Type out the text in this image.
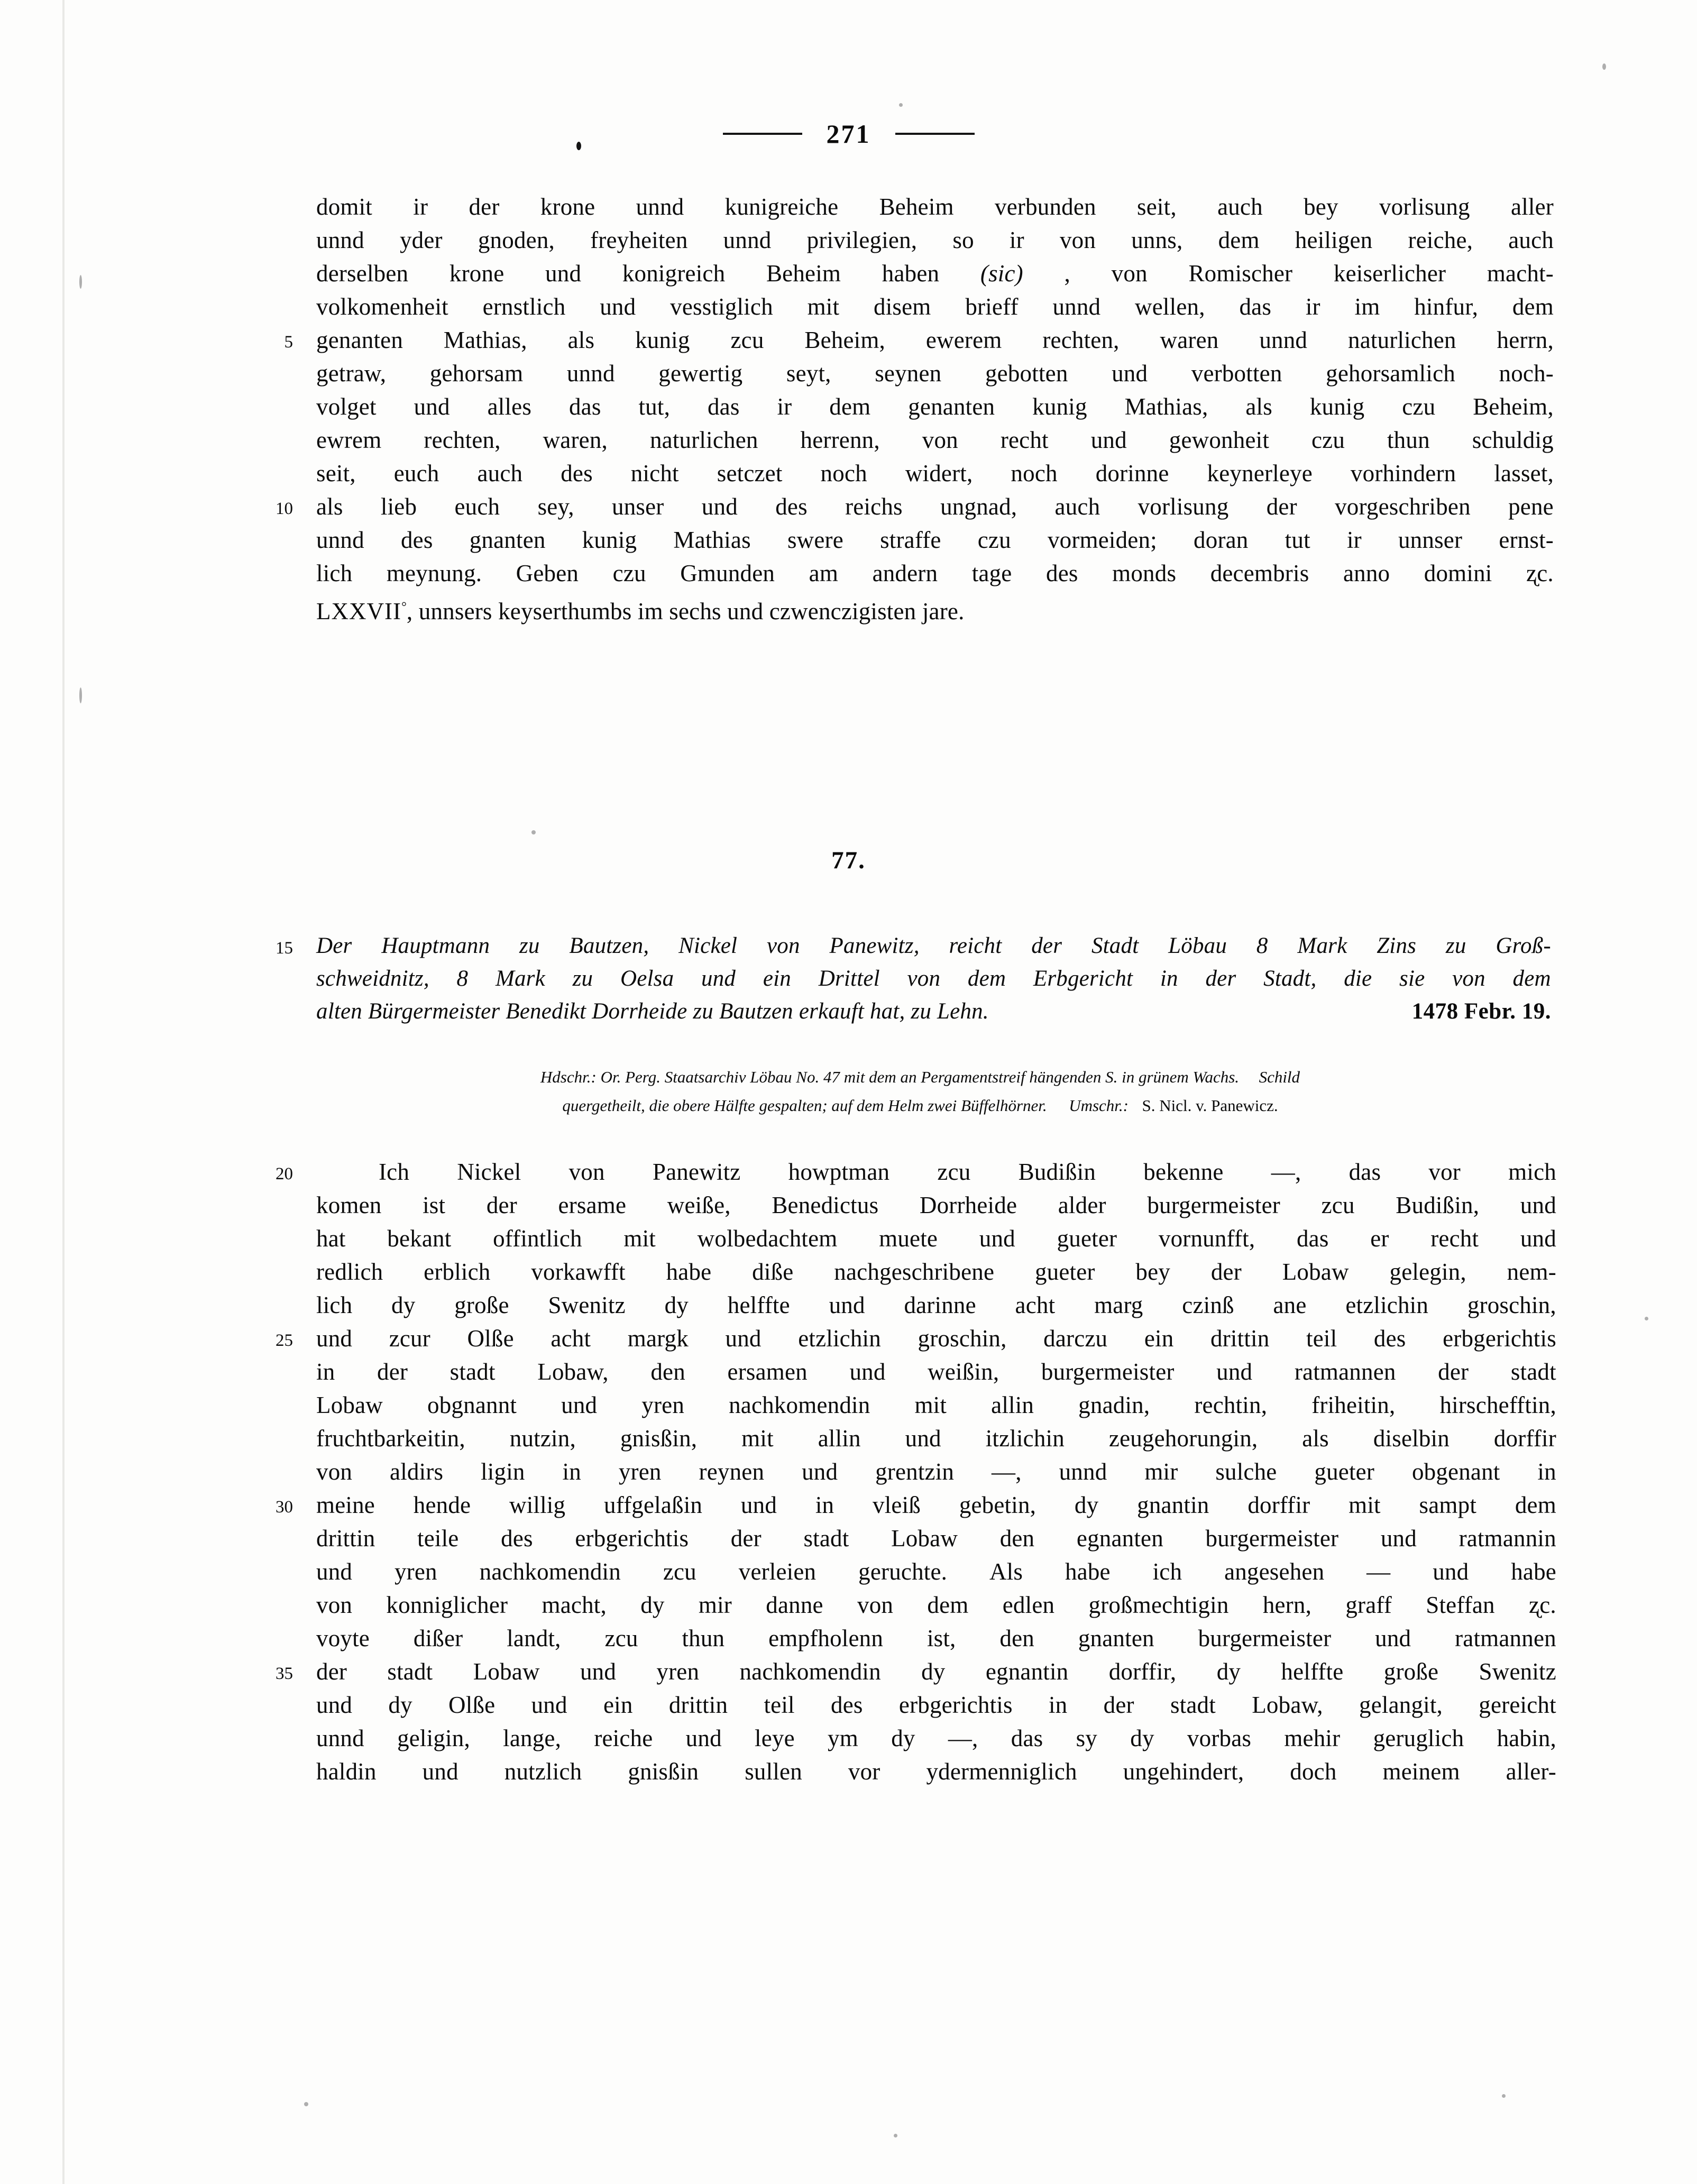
271
domit ir der krone unnd kunigreiche Beheim verbunden seit, auch bey vorlisung aller
unnd yder gnoden, freyheiten unnd privilegien, so ir von unns, dem heiligen reiche, auch
derselben krone und konigreich Beheim haben (sic) , von Romischer keiserlicher macht-
volkomenheit ernstlich und vesstiglich mit disem brieff unnd wellen, das ir im hinfur, dem
5 genanten Mathias, als kunig zcu Beheim, ewerem rechten, waren unnd naturlichen herrn,
getraw, gehorsam unnd gewertig seyt, seynen gebotten und verbotten gehorsamlich noch-
volget und alles das tut, das ir dem genanten kunig Mathias, als kunig czu Beheim,
ewrem rechten, waren, naturlichen herrenn, von recht und gewonheit czu thun schuldig
seit, euch auch des nicht setczet noch widert, noch dorinne keynerleye vorhindern lasset,
10 als lieb euch sey, unser und des reichs ungnad, auch vorlisung der vorgeschriben pene
unnd des gnanten kunig Mathias swere straffe czu vormeiden; doran tut ir unnser ernst-
lich meynung. Geben czu Gmunden am andern tage des monds decembris anno domini ʐc.
LXXVII°, unnsers keyserthumbs im sechs und czwenczigisten jare.
77.
15 Der Hauptmann zu Bautzen, Nickel von Panewitz, reicht der Stadt Löbau 8 Mark Zins zu Groß-
schweidnitz, 8 Mark zu Oelsa und ein Drittel von dem Erbgericht in der Stadt, die sie von dem
alten Bürgermeister Benedikt Dorrheide zu Bautzen erkauft hat, zu Lehn.	1478 Febr. 19.
Hdschr.: Or. Perg. Staatsarchiv Löbau No. 47 mit dem an Pergamentstreif hängenden S. in grünem Wachs. Schild
quergetheilt, die obere Hälfte gespalten; auf dem Helm zwei Büffelhörner. Umschr.: S. Nicl. v. Panewicz.
20	Ich Nickel von Panewitz howptman zcu Budißin bekenne —, das vor mich
komen ist der ersame weiße, Benedictus Dorrheide alder burgermeister zcu Budißin, und
hat bekant offintlich mit wolbedachtem muete und gueter vornunfft, das er recht und
redlich erblich vorkawfft habe diße nachgeschribene gueter bey der Lobaw gelegin, nem-
lich dy große Swenitz dy helffte und darinne acht marg czinß ane etzlichin groschin,
25 und zcur Olße acht margk und etzlichin groschin, darczu ein drittin teil des erbgerichtis
in der stadt Lobaw, den ersamen und weißin, burgermeister und ratmannen der stadt
Lobaw obgnannt und yren nachkomendin mit allin gnadin, rechtin, friheitin, hirschefftin,
fruchtbarkeitin, nutzin, gnisßin, mit allin und itzlichin zeugehorungin, als diselbin dorffir
von aldirs ligin in yren reynen und grentzin —, unnd mir sulche gueter obgenant in
30 meine hende willig uffgelaßin und in vleiß gebetin, dy gnantin dorffir mit sampt dem
drittin teile des erbgerichtis der stadt Lobaw den egnanten burgermeister und ratmannin
und yren nachkomendin zcu verleien geruchte. Als habe ich angesehen — und habe
von konniglicher macht, dy mir danne von dem edlen großmechtigin hern, graff Steffan ʐc.
voyte dißer landt, zcu thun empfholenn ist, den gnanten burgermeister und ratmannen
35 der stadt Lobaw und yren nachkomendin dy egnantin dorffir, dy helffte große Swenitz
und dy Olße und ein drittin teil des erbgerichtis in der stadt Lobaw, gelangit, gereicht
unnd geligin, lange, reiche und leye ym dy —, das sy dy vorbas mehir geruglich habin,
haldin und nutzlich gnisßin sullen vor ydermenniglich ungehindert, doch meinem aller-
